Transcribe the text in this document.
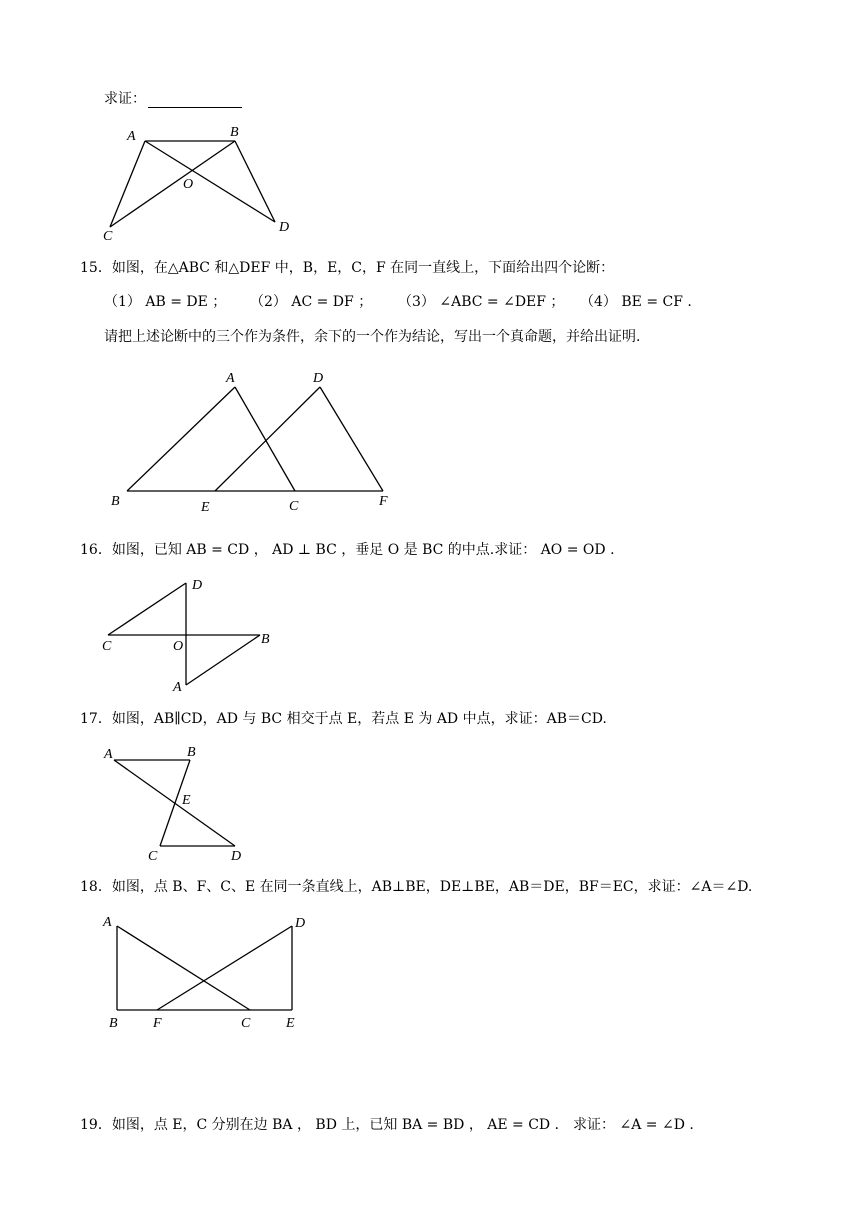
求证：
A	B
O
C
D
15．如图，在△ABC 和△DEF 中，B，E，C，F 在同一直线上，下面给出四个论断：
（1） AB = DE ； （2） AC = DF ； （3） ∠ABC = ∠DEF ； （4） BE = CF .
请把上述论断中的三个作为条件，余下的一个作为结论，写出一个真命题，并给出证明.
A	D
B	E	C	F
16．如图，已知 AB = CD ， AD ⊥ BC ，垂足 O 是 BC 的中点.求证： AO = OD .
D
C	O	B
A
17．如图，AB∥CD，AD 与 BC 相交于点 E，若点 E 为 AD 中点，求证：AB＝CD.
A	B
E
C	D
18．如图，点 B、F、C、E 在同一条直线上，AB⊥BE，DE⊥BE，AB＝DE，BF＝EC，求证：∠A＝∠D.
A	D
B	F	C	E
19．如图，点 E，C 分别在边 BA ， BD 上，已知 BA = BD ， AE = CD ． 求证： ∠A = ∠D .
